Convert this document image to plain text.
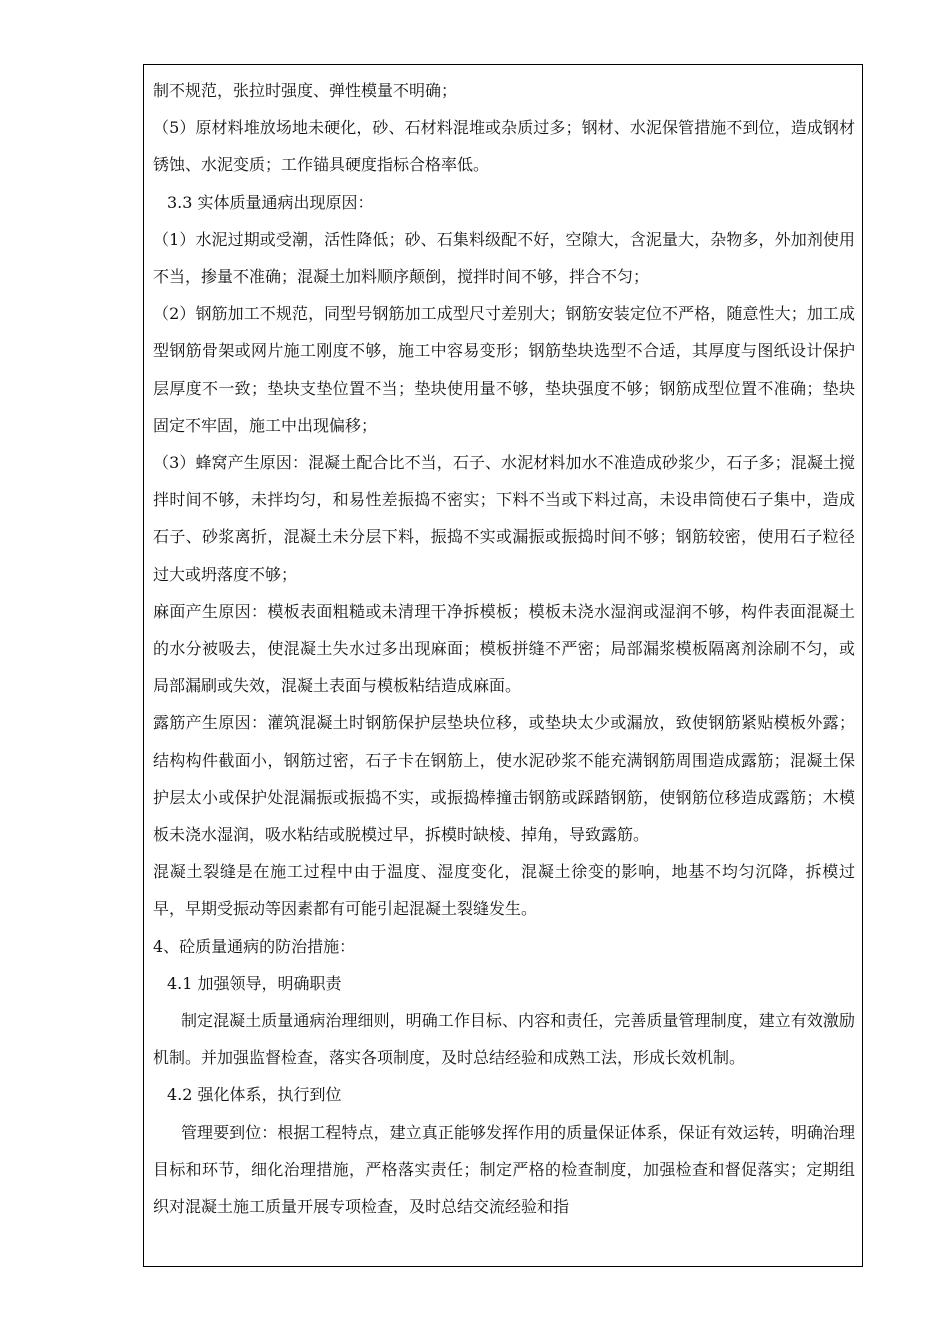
制不规范，张拉时强度、弹性模量不明确；

（5）原材料堆放场地未硬化，砂、石材料混堆或杂质过多；钢材、水泥保管措施不到位，造成钢材锈蚀、水泥变质；工作锚具硬度指标合格率低。

3.3 实体质量通病出现原因：

（1）水泥过期或受潮，活性降低；砂、石集料级配不好，空隙大，含泥量大，杂物多，外加剂使用不当，掺量不准确；混凝土加料顺序颠倒，搅拌时间不够，拌合不匀；

（2）钢筋加工不规范，同型号钢筋加工成型尺寸差别大；钢筋安装定位不严格，随意性大；加工成型钢筋骨架或网片施工刚度不够，施工中容易变形；钢筋垫块选型不合适，其厚度与图纸设计保护层厚度不一致；垫块支垫位置不当；垫块使用量不够，垫块强度不够；钢筋成型位置不准确；垫块固定不牢固，施工中出现偏移；

（3）蜂窝产生原因：混凝土配合比不当，石子、水泥材料加水不准造成砂浆少，石子多；混凝土搅拌时间不够，未拌均匀，和易性差振捣不密实；下料不当或下料过高，未设串筒使石子集中，造成石子、砂浆离折，混凝土未分层下料，振捣不实或漏振或振捣时间不够；钢筋较密，使用石子粒径过大或坍落度不够；

麻面产生原因：模板表面粗糙或未清理干净拆模板；模板未浇水湿润或湿润不够，构件表面混凝土的水分被吸去，使混凝土失水过多出现麻面；模板拼缝不严密；局部漏浆模板隔离剂涂刷不匀，或局部漏刷或失效，混凝土表面与模板粘结造成麻面。

露筋产生原因：灌筑混凝土时钢筋保护层垫块位移，或垫块太少或漏放，致使钢筋紧贴模板外露；结构构件截面小，钢筋过密，石子卡在钢筋上，使水泥砂浆不能充满钢筋周围造成露筋；混凝土保护层太小或保护处混漏振或振捣不实，或振捣棒撞击钢筋或踩踏钢筋，使钢筋位移造成露筋；木模板未浇水湿润，吸水粘结或脱模过早，拆模时缺棱、掉角，导致露筋。

混凝土裂缝是在施工过程中由于温度、湿度变化，混凝土徐变的影响，地基不均匀沉降，拆模过早，早期受振动等因素都有可能引起混凝土裂缝发生。

4、砼质量通病的防治措施：

4.1 加强领导，明确职责

制定混凝土质量通病治理细则，明确工作目标、内容和责任，完善质量管理制度，建立有效激励机制。并加强监督检查，落实各项制度，及时总结经验和成熟工法，形成长效机制。

4.2 强化体系，执行到位

管理要到位：根据工程特点，建立真正能够发挥作用的质量保证体系，保证有效运转，明确治理目标和环节，细化治理措施，严格落实责任；制定严格的检查制度，加强检查和督促落实；定期组织对混凝土施工质量开展专项检查，及时总结交流经验和指
